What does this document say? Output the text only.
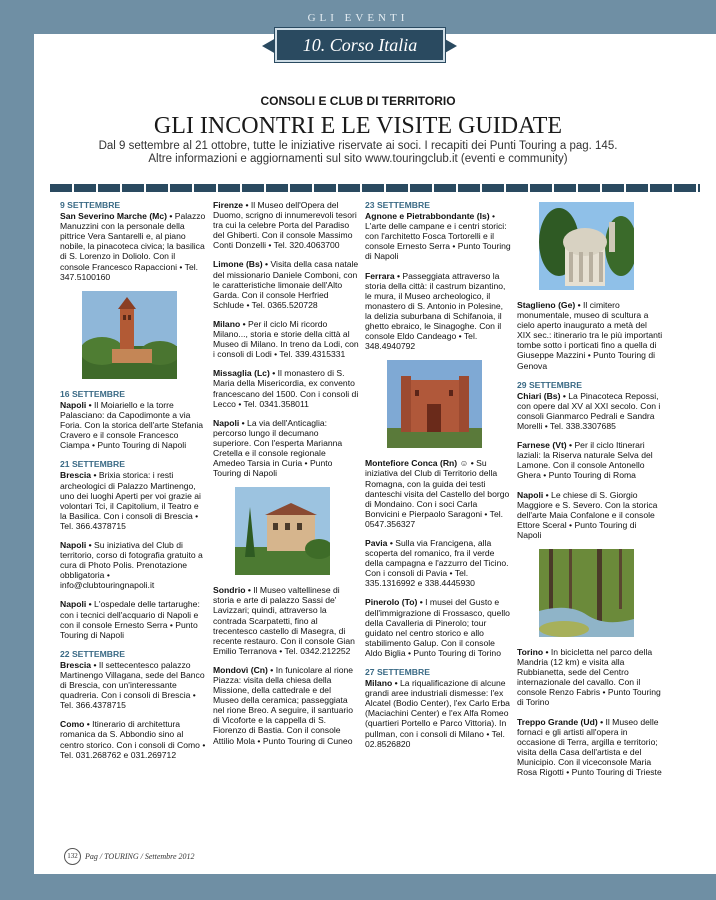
GLI EVENTI
10. Corso Italia
CONSOLI E CLUB DI TERRITORIO
GLI INCONTRI E LE VISITE GUIDATE
Dal 9 settembre al 21 ottobre, tutte le iniziative riservate ai soci. I recapiti dei Punti Touring a pag. 145.
Altre informazioni e aggiornamenti sul sito www.touringclub.it (eventi e community)
9 SETTEMBRE

San Severino Marche (Mc) • Palazzo Manuzzini con la personale della pittrice Vera Santarelli e, al piano nobile, la pinacoteca civica; la basilica di S. Lorenzo in Doliolo. Con il console Francesco Rapaccioni • Tel. 347.5100160

16 SETTEMBRE

Napoli • Il Moiariello e la torre Palasciano: da Capodimonte a via Foria. Con la storica dell'arte Stefania Cravero e il console Francesco Ciampa • Punto Touring di Napoli

21 SETTEMBRE

Brescia • Brixia storica: i resti archeologici di Palazzo Martinengo, uno dei luoghi Aperti per voi grazie ai volontari Tci, il Capitolium, il Teatro e la Basilica. Con i consoli di Brescia • Tel. 366.4378715

Napoli • Su iniziativa del Club di territorio, corso di fotografia gratuito a cura di Photo Polis. Prenotazione obbligatoria • info@clubtouringnapoli.it

Napoli • L'ospedale delle tartarughe: con i tecnici dell'acquario di Napoli e con il console Ernesto Serra • Punto Touring di Napoli

22 SETTEMBRE

Brescia • Il settecentesco palazzo Martinengo Villagana, sede del Banco di Brescia, con un'interessante quadreria. Con i consoli di Brescia • Tel. 366.4378715

Como • Itinerario di architettura romanica da S. Abbondio sino al centro storico. Con i consoli di Como • Tel. 031.268762 e 031.269712

Firenze • Il Museo dell'Opera del Duomo, scrigno di innumerevoli tesori tra cui la celebre Porta del Paradiso del Ghiberti. Con il console Massimo Conti Donzelli • Tel. 320.4063700

Limone (Bs) • Visita della casa natale del missionario Daniele Comboni, con le caratteristiche limonaie dell'Alto Garda. Con il console Herfried Schlude • Tel. 0365.520728

Milano • Per il ciclo Mi ricordo Milano..., storia e storie della città al Museo di Milano. In treno da Lodi, con i consoli di Lodi • Tel. 339.4315331

Missaglia (Lc) • Il monastero di S. Maria della Misericordia, ex convento francescano del 1500. Con i consoli di Lecco • Tel. 0341.358011

Napoli • La via dell'Anticaglia: percorso lungo il decumano superiore. Con l'esperta Marianna Cretella e il console regionale Amedeo Tarsia in Curia • Punto Touring di Napoli

Sondrio • Il Museo valtellinese di storia e arte di palazzo Sassi de' Lavizzari; quindi, attraverso la contrada Scarpatetti, fino al trecentesco castello di Masegra, di recente restauro. Con il console Gian Emilio Terranova • Tel. 0342.212252

Mondovì (Cn) • In funicolare al rione Piazza: visita della chiesa della Missione, della cattedrale e del Museo della ceramica; passeggiata nel rione Breo. A seguire, il santuario di Vicoforte e la cappella di S. Fiorenzo di Bastia. Con il console Attilio Mola • Punto Touring di Cuneo

23 SETTEMBRE

Agnone e Pietrabbondante (Is) • L'arte delle campane e i centri storici: con l'architetto Fosca Tortorelli e il console Ernesto Serra • Punto Touring di Napoli

Ferrara • Passeggiata attraverso la storia della città: il castrum bizantino, le mura, il Museo archeologico, il monastero di S. Antonio in Polesine, la delizia suburbana di Schifanoia, il ghetto ebraico, le Sinagoghe. Con il console Eldo Candeago • Tel. 348.4940792

Montefiore Conca (Rn) ☺ • Su iniziativa del Club di Territorio della Romagna, con la guida dei testi danteschi visita del Castello del borgo di Mondaino. Con i soci Carla Bonvicini e Pierpaolo Saragoni • Tel. 0547.356327

Pavia • Sulla via Francigena, alla scoperta del romanico, fra il verde della campagna e l'azzurro del Ticino. Con i consoli di Pavia • Tel. 335.1316992 e 338.4445930

Pinerolo (To) • I musei del Gusto e dell'immigrazione di Frossasco, quello della Cavalleria di Pinerolo; tour guidato nel centro storico e allo stabilimento Galup. Con il console Aldo Biglia • Punto Touring di Torino

27 SETTEMBRE

Milano • La riqualificazione di alcune grandi aree industriali dismesse: l'ex Alcatel (Bodio Center), l'ex Carlo Erba (Maciachini Center) e l'ex Alfa Romeo (quartieri Portello e Parco Vittoria). In pullman, con i consoli di Milano • Tel. 02.8526820

Staglieno (Ge) • Il cimitero monumentale, museo di scultura a cielo aperto inaugurato a metà del XIX sec.: itinerario tra le più importanti tombe sotto i porticati fino a quella di Giuseppe Mazzini • Punto Touring di Genova

29 SETTEMBRE

Chiari (Bs) • La Pinacoteca Repossi, con opere dal XV al XXI secolo. Con i consoli Gianmarco Pedrali e Sandra Morelli • Tel. 338.3307685

Farnese (Vt) • Per il ciclo Itinerari laziali: la Riserva naturale Selva del Lamone. Con il console Antonello Ghera • Punto Touring di Roma

Napoli • Le chiese di S. Giorgio Maggiore e S. Severo. Con la storica dell'arte Maia Confalone e il console Ettore Sceral • Punto Touring di Napoli

Torino • In bicicletta nel parco della Mandria (12 km) e visita alla Rubbianetta, sede del Centro internazionale del cavallo. Con il console Renzo Fabris • Punto Touring di Torino

Treppo Grande (Ud) • Il Museo delle fornaci e gli artisti all'opera in occasione di Terra, argilla e territorio; visita della Casa dell'artista e del Municipio. Con il viceconsole Maria Rosa Rigotti • Punto Touring di Trieste

132 Pag / TOURING / Settembre 2012
